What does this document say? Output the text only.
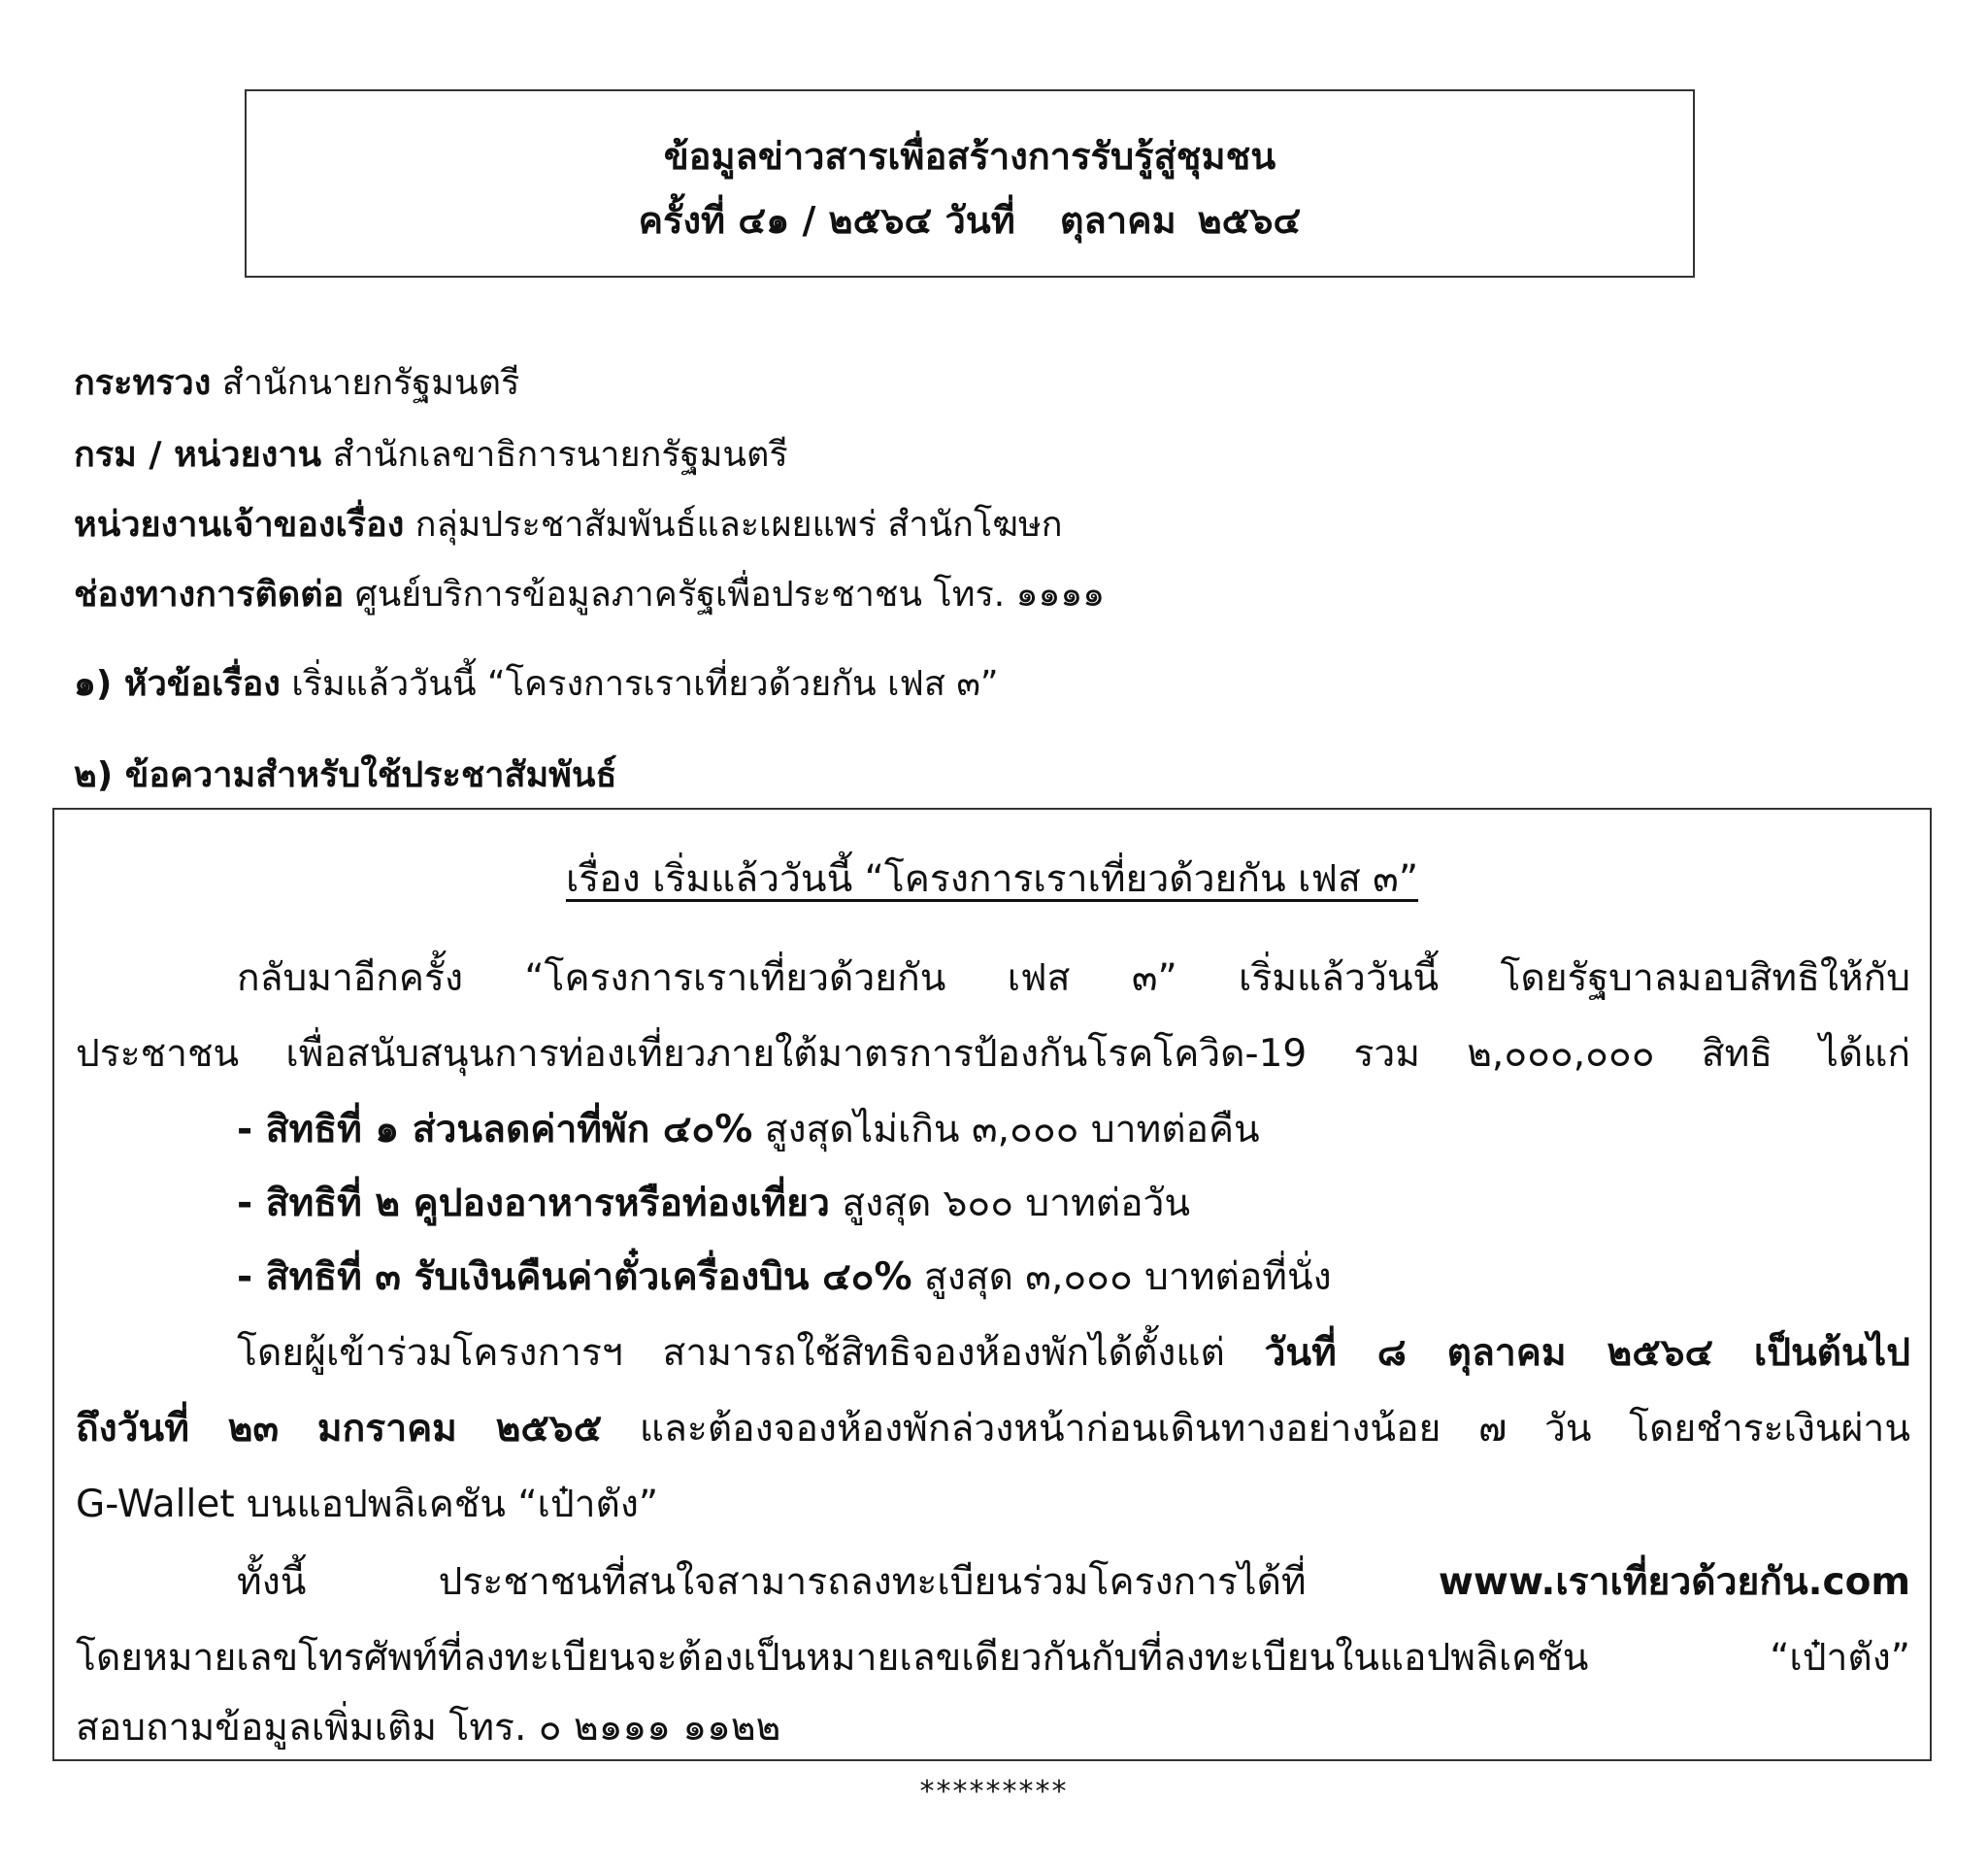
ข้อมูลข่าวสารเพื่อสร้างการรับรู้สู่ชุมชน
ครั้งที่ ๔๑ / ๒๕๖๔ วันที่ ตุลาคม ๒๕๖๔
กระทรวง สำนักนายกรัฐมนตรี
กรม / หน่วยงาน สำนักเลขาธิการนายกรัฐมนตรี
หน่วยงานเจ้าของเรื่อง กลุ่มประชาสัมพันธ์และเผยแพร่ สำนักโฆษก
ช่องทางการติดต่อ ศูนย์บริการข้อมูลภาครัฐเพื่อประชาชน โทร. ๑๑๑๑
๑) หัวข้อเรื่อง เริ่มแล้ววันนี้ “โครงการเราเที่ยวด้วยกัน เฟส ๓”
๒) ข้อความสำหรับใช้ประชาสัมพันธ์
เรื่อง เริ่มแล้ววันนี้ “โครงการเราเที่ยวด้วยกัน เฟส ๓”
กลับมาอีกครั้ง “โครงการเราเที่ยวด้วยกัน เฟส ๓” เริ่มแล้ววันนี้ โดยรัฐบาลมอบสิทธิให้กับ
ประชาชน เพื่อสนับสนุนการท่องเที่ยวภายใต้มาตรการป้องกันโรคโควิด-19 รวม ๒,๐๐๐,๐๐๐ สิทธิ ได้แก่
- สิทธิที่ ๑ ส่วนลดค่าที่พัก ๔๐% สูงสุดไม่เกิน ๓,๐๐๐ บาทต่อคืน
- สิทธิที่ ๒ คูปองอาหารหรือท่องเที่ยว สูงสุด ๖๐๐ บาทต่อวัน
- สิทธิที่ ๓ รับเงินคืนค่าตั๋วเครื่องบิน ๔๐% สูงสุด ๓,๐๐๐ บาทต่อที่นั่ง
โดยผู้เข้าร่วมโครงการฯ สามารถใช้สิทธิจองห้องพักได้ตั้งแต่ วันที่ ๘ ตุลาคม ๒๕๖๔ เป็นต้นไป
ถึงวันที่ ๒๓ มกราคม ๒๕๖๕ และต้องจองห้องพักล่วงหน้าก่อนเดินทางอย่างน้อย ๗ วัน โดยชำระเงินผ่าน
G-Wallet บนแอปพลิเคชัน “เป๋าตัง”
ทั้งนี้ ประชาชนที่สนใจสามารถลงทะเบียนร่วมโครงการได้ที่ www.เราเที่ยวด้วยกัน.com
โดยหมายเลขโทรศัพท์ที่ลงทะเบียนจะต้องเป็นหมายเลขเดียวกันกับที่ลงทะเบียนในแอปพลิเคชัน “เป๋าตัง”
สอบถามข้อมูลเพิ่มเติม โทร. ๐ ๒๑๑๑ ๑๑๒๒
*********
